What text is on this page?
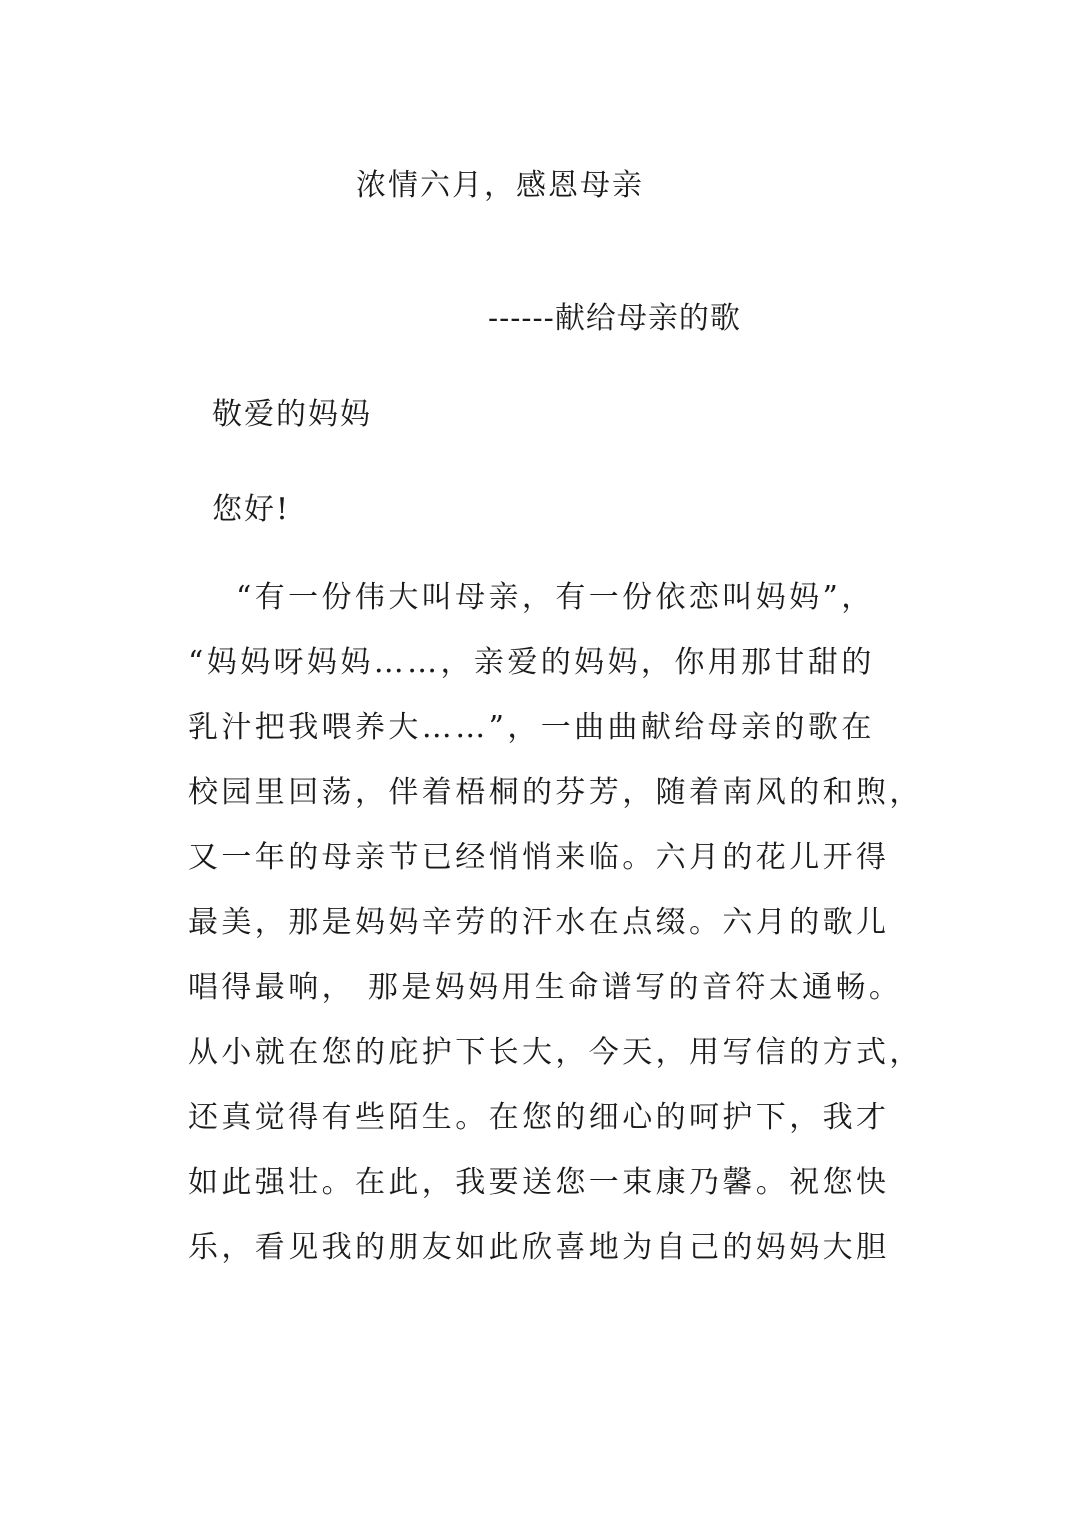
浓情六月，感恩母亲
------献给母亲的歌
敬爱的妈妈
您好!
“有一份伟大叫母亲，有一份依恋叫妈妈”，
“妈妈呀妈妈……，亲爱的妈妈，你用那甘甜的
乳汁把我喂养大……”，一曲曲献给母亲的歌在
校园里回荡，伴着梧桐的芬芳，随着南风的和煦，
又一年的母亲节已经悄悄来临。六月的花儿开得
最美，那是妈妈辛劳的汗水在点缀。六月的歌儿
唱得最响， 那是妈妈用生命谱写的音符太通畅。
从小就在您的庇护下长大，今天，用写信的方式，
还真觉得有些陌生。在您的细心的呵护下，我才
如此强壮。在此，我要送您一束康乃馨。祝您快
乐，看见我的朋友如此欣喜地为自己的妈妈大胆
